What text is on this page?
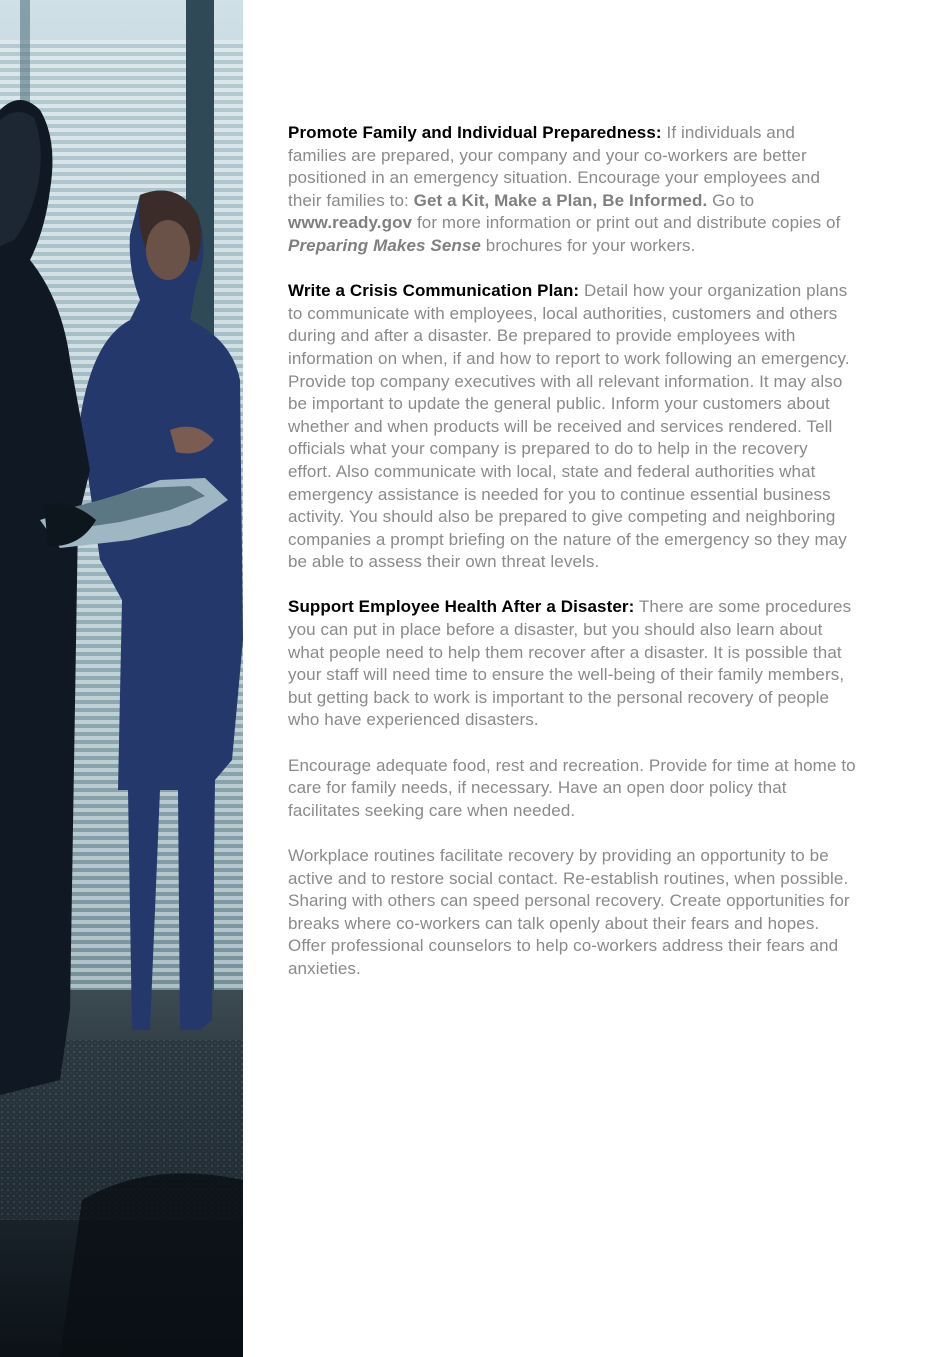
Promote Family and Individual Preparedness: If individuals and families are prepared, your company and your co-workers are better positioned in an emergency situation. Encourage your employees and their families to: Get a Kit, Make a Plan, Be Informed. Go to www.ready.gov for more information or print out and distribute copies of Preparing Makes Sense brochures for your workers.

Write a Crisis Communication Plan: Detail how your organization plans to communicate with employees, local authorities, customers and others during and after a disaster. Be prepared to provide employees with information on when, if and how to report to work following an emergency. Provide top company executives with all relevant information. It may also be important to update the general public. Inform your customers about whether and when products will be received and services rendered. Tell officials what your company is prepared to do to help in the recovery effort. Also communicate with local, state and federal authorities what emergency assistance is needed for you to continue essential business activity. You should also be prepared to give competing and neighboring companies a prompt briefing on the nature of the emergency so they may be able to assess their own threat levels.

Support Employee Health After a Disaster: There are some procedures you can put in place before a disaster, but you should also learn about what people need to help them recover after a disaster. It is possible that your staff will need time to ensure the well-being of their family members, but getting back to work is important to the personal recovery of people who have experienced disasters.

Encourage adequate food, rest and recreation. Provide for time at home to care for family needs, if necessary. Have an open door policy that facilitates seeking care when needed.

Workplace routines facilitate recovery by providing an opportunity to be active and to restore social contact. Re-establish routines, when possible. Sharing with others can speed personal recovery. Create opportunities for breaks where co-workers can talk openly about their fears and hopes. Offer professional counselors to help co-workers address their fears and anxieties.
